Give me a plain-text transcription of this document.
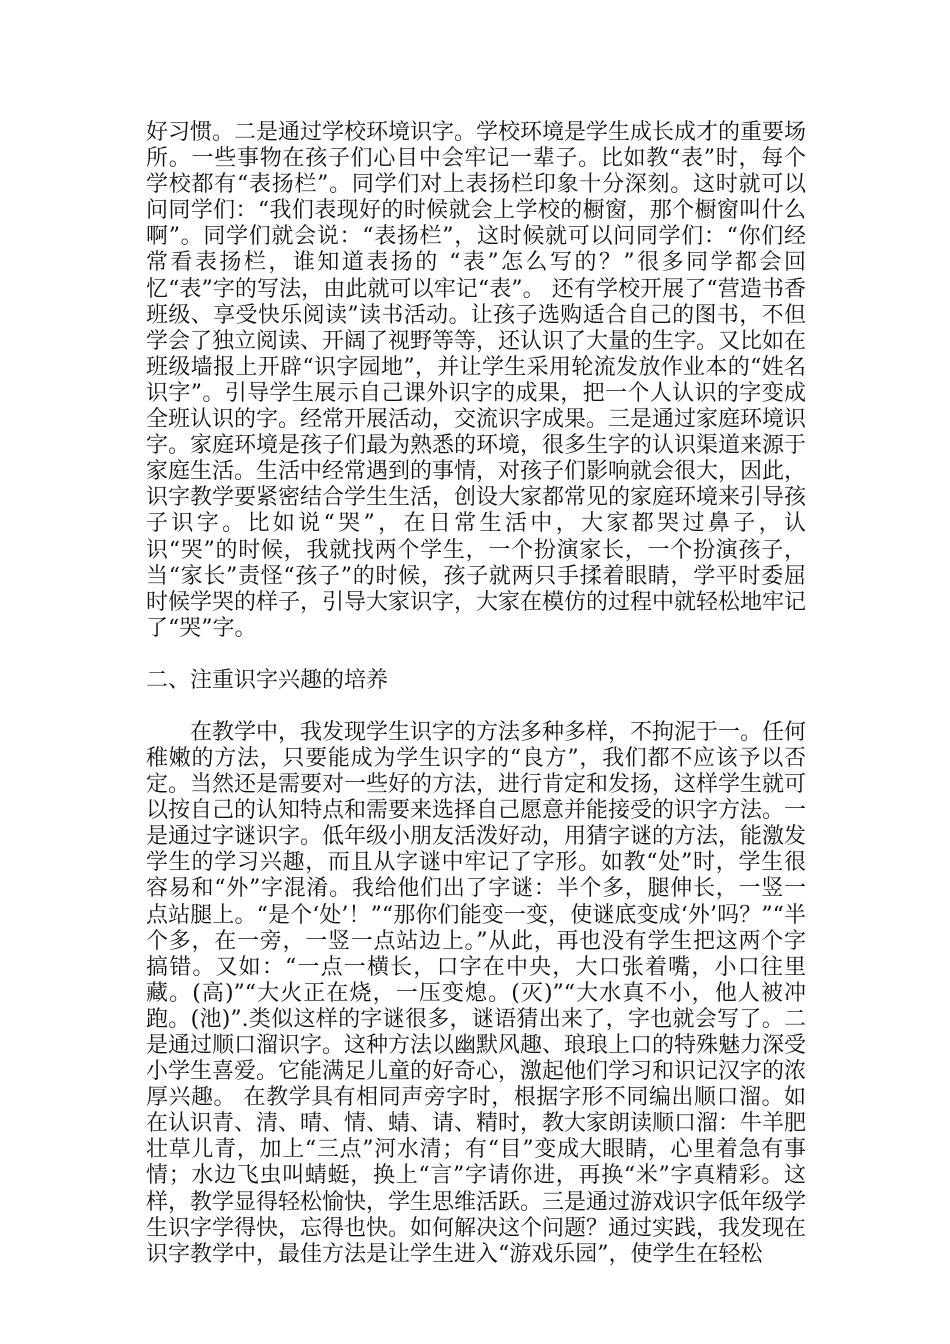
好习惯。二是通过学校环境识字。学校环境是学生成长成才的重要场所。一些事物在孩子们心目中会牢记一辈子。比如教“表”时，每个学校都有“表扬栏”。同学们对上表扬栏印象十分深刻。这时就可以问同学们：“我们表现好的时候就会上学校的橱窗，那个橱窗叫什么啊”。同学们就会说：“表扬栏”，这时候就可以问同学们：“你们经常看表扬栏，谁知道表扬的 “表”怎么写的？”很多同学都会回忆“表”字的写法，由此就可以牢记“表”。 还有学校开展了“营造书香班级、享受快乐阅读”读书活动。让孩子选购适合自己的图书，不但学会了独立阅读、开阔了视野等等，还认识了大量的生字。又比如在班级墙报上开辟“识字园地”，并让学生采用轮流发放作业本的“姓名识字”。引导学生展示自己课外识字的成果，把一个人认识的字变成全班认识的字。经常开展活动，交流识字成果。三是通过家庭环境识字。家庭环境是孩子们最为熟悉的环境，很多生字的认识渠道来源于家庭生活。生活中经常遇到的事情，对孩子们影响就会很大，因此，识字教学要紧密结合学生生活，创设大家都常见的家庭环境来引导孩子识字。比如说“哭”，在日常生活中，大家都哭过鼻子，认识“哭”的时候，我就找两个学生，一个扮演家长，一个扮演孩子，当“家长”责怪“孩子”的时候，孩子就两只手揉着眼睛，学平时委屈时候学哭的样子，引导大家识字，大家在模仿的过程中就轻松地牢记了“哭”字。

二、注重识字兴趣的培养

在教学中，我发现学生识字的方法多种多样，不拘泥于一。任何稚嫩的方法，只要能成为学生识字的“良方”，我们都不应该予以否定。当然还是需要对一些好的方法，进行肯定和发扬，这样学生就可以按自己的认知特点和需要来选择自己愿意并能接受的识字方法。一是通过字谜识字。低年级小朋友活泼好动，用猜字谜的方法，能激发学生的学习兴趣，而且从字谜中牢记了字形。如教“处”时，学生很容易和“外”字混淆。我给他们出了字谜：半个多，腿伸长，一竖一点站腿上。“是个‘处’！”“那你们能变一变，使谜底变成‘外’吗？”“半个多，在一旁，一竖一点站边上。”从此，再也没有学生把这两个字搞错。又如：“一点一横长，口字在中央，大口张着嘴，小口往里藏。(高)”“大火正在烧，一压变熄。(灭)”“大水真不小，他人被冲跑。(池)”.类似这样的字谜很多，谜语猜出来了，字也就会写了。二是通过顺口溜识字。这种方法以幽默风趣、琅琅上口的特殊魅力深受小学生喜爱。它能满足儿童的好奇心，激起他们学习和识记汉字的浓厚兴趣。 在教学具有相同声旁字时，根据字形不同编出顺口溜。如在认识青、清、晴、情、蜻、请、精时，教大家朗读顺口溜：牛羊肥壮草儿青，加上“三点”河水清；有“目”变成大眼睛，心里着急有事情；水边飞虫叫蜻蜓，换上“言”字请你进，再换“米”字真精彩。这样，教学显得轻松愉快，学生思维活跃。三是通过游戏识字低年级学生识字学得快，忘得也快。如何解决这个问题？通过实践，我发现在识字教学中，最佳方法是让学生进入“游戏乐园”，使学生在轻松
